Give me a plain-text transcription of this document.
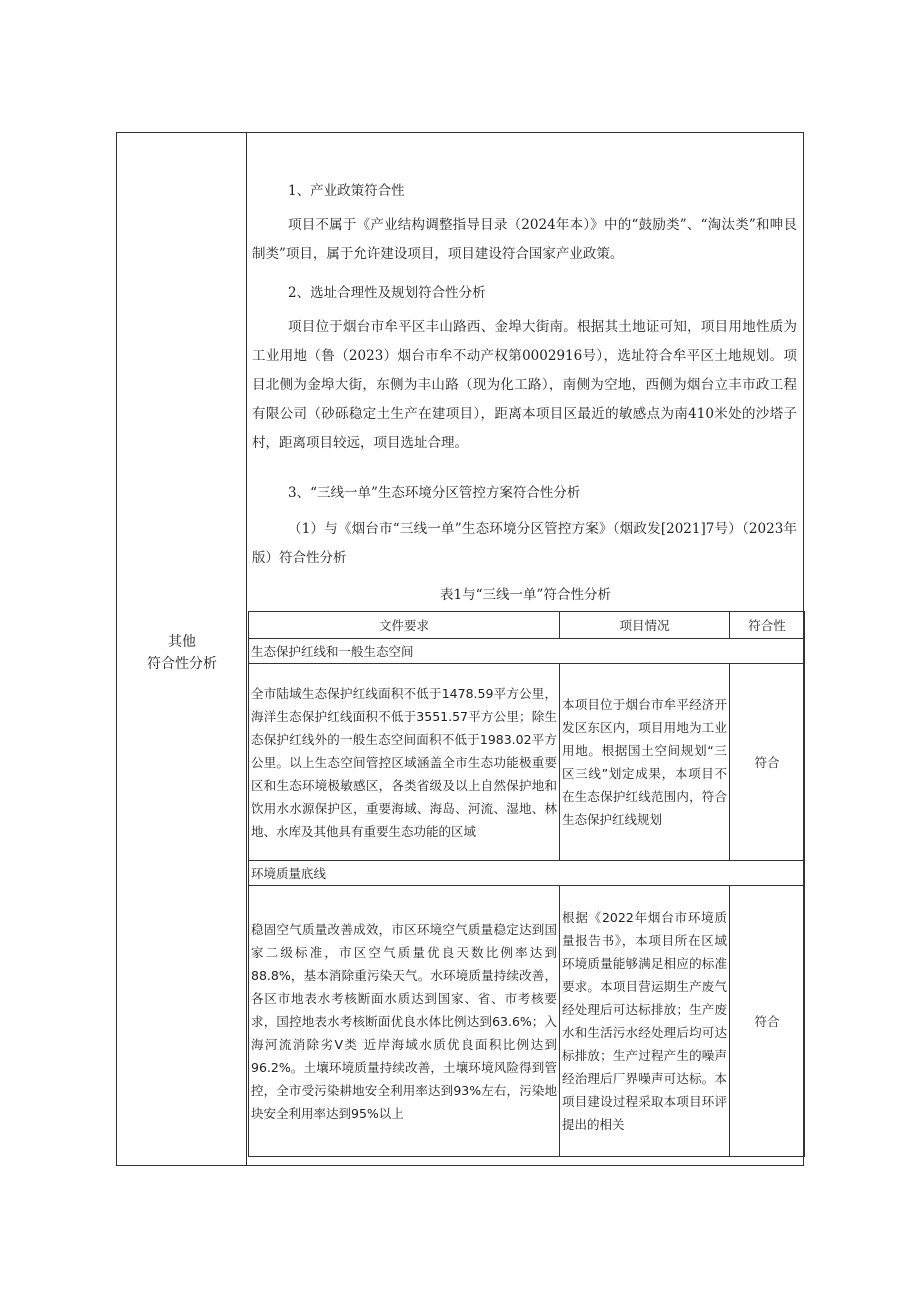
其他
符合性分析
1、产业政策符合性
项目不属于《产业结构调整指导目录（2024年本）》中的“鼓励类”、“淘汰类”和呻艮制类”项目，属于允许建设项目，项目建设符合国家产业政策。
2、选址合理性及规划符合性分析
项目位于烟台市牟平区丰山路西、金埠大街南。根据其土地证可知，项目用地性质为工业用地（鲁（2023）烟台市牟不动产权第0002916号），选址符合牟平区土地规划。项目北侧为金埠大街，东侧为丰山路（现为化工路），南侧为空地，西侧为烟台立丰市政工程有限公司（砂砾稳定土生产在建项目），距离本项目区最近的敏感点为南410米处的沙塔子村，距离项目较远，项目选址合理。
3、“三线一单”生态环境分区管控方案符合性分析
（1）与《烟台市“三线一单”生态环境分区管控方案》（烟政发[2021]7号）（2023年版）符合性分析
表1与“三线一单”符合性分析
文件要求	项目情况	符合性
生态保护红线和一般生态空间		
全市陆域生态保护红线面积不低于1478.59平方公里，海洋生态保护红线面积不低于3551.57平方公里；除生态保护红线外的一般生态空间面积不低于1983.02平方公里。以上生态空间管控区域涵盖全市生态功能极重要区和生态环境极敏感区，各类省级及以上自然保护地和饮用水水源保护区，重要海域、海岛、河流、湿地、林地、水库及其他具有重要生态功能的区域	本项目位于烟台市牟平经济开发区东区内，项目用地为工业用地。根据国土空间规划“三区三线”划定成果，本项目不在生态保护红线范围内，符合生态保护红线规划	符合
环境质量底线		
稳固空气质量改善成效，市区环境空气质量稳定达到国家二级标准，市区空气质量优良天数比例率达到88.8%，基本消除重污染天气。水环境质量持续改善，各区市地表水考核断面水质达到国家、省、市考核要求，国控地表水考核断面优良水体比例达到63.6%；入海河流消除劣V类 近岸海域水质优良面积比例达到96.2%。土壤环境质量持续改善，土壤环境风险得到管控，全市受污染耕地安全利用率达到93%左右，污染地块安全利用率达到95%以上	根据《2022年烟台市环境质量报告书》，本项目所在区域环境质量能够满足相应的标准要求。本项目营运期生产废气经处理后可达标排放；生产废水和生活污水经处理后均可达标排放；生产过程产生的噪声经治理后厂界噪声可达标。本项目建设过程采取本项目环评提出的相关	符合
